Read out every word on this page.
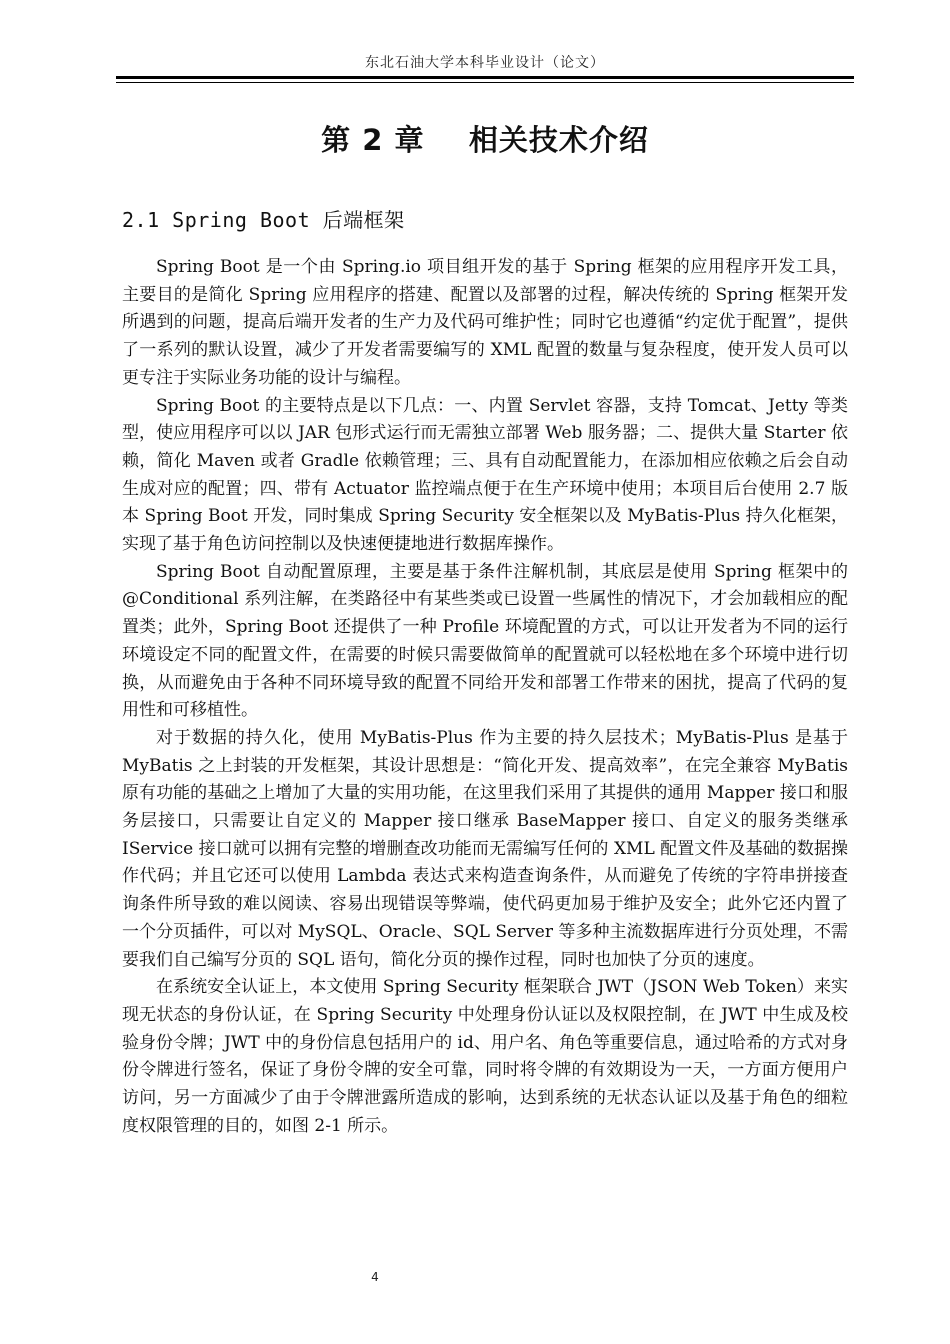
东北石油大学本科毕业设计（论文）
第 2 章    相关技术介绍
2.1 Spring Boot 后端框架

Spring Boot 是一个由 Spring.io 项目组开发的基于 Spring 框架的应用程序开发工具，主要目的是简化 Spring 应用程序的搭建、配置以及部署的过程，解决传统的 Spring 框架开发所遇到的问题，提高后端开发者的生产力及代码可维护性；同时它也遵循“约定优于配置”，提供了一系列的默认设置，减少了开发者需要编写的 XML 配置的数量与复杂程度，使开发人员可以更专注于实际业务功能的设计与编程。

Spring Boot 的主要特点是以下几点：一、内置 Servlet 容器，支持 Tomcat、Jetty 等类型，使应用程序可以以 JAR 包形式运行而无需独立部署 Web 服务器；二、提供大量 Starter 依赖，简化 Maven 或者 Gradle 依赖管理；三、具有自动配置能力，在添加相应依赖之后会自动生成对应的配置；四、带有 Actuator 监控端点便于在生产环境中使用；本项目后台使用 2.7 版本 Spring Boot 开发，同时集成 Spring Security 安全框架以及 MyBatis-Plus 持久化框架，实现了基于角色访问控制以及快速便捷地进行数据库操作。

Spring Boot 自动配置原理，主要是基于条件注解机制，其底层是使用 Spring 框架中的@Conditional 系列注解，在类路径中有某些类或已设置一些属性的情况下，才会加载相应的配置类；此外，Spring Boot 还提供了一种 Profile 环境配置的方式，可以让开发者为不同的运行环境设定不同的配置文件，在需要的时候只需要做简单的配置就可以轻松地在多个环境中进行切换，从而避免由于各种不同环境导致的配置不同给开发和部署工作带来的困扰，提高了代码的复用性和可移植性。

对于数据的持久化，使用 MyBatis-Plus 作为主要的持久层技术；MyBatis-Plus 是基于 MyBatis 之上封装的开发框架，其设计思想是：“简化开发、提高效率”，在完全兼容 MyBatis 原有功能的基础之上增加了大量的实用功能，在这里我们采用了其提供的通用 Mapper 接口和服务层接口，只需要让自定义的 Mapper 接口继承 BaseMapper 接口、自定义的服务类继承 IService 接口就可以拥有完整的增删查改功能而无需编写任何的 XML 配置文件及基础的数据操作代码；并且它还可以使用 Lambda 表达式来构造查询条件，从而避免了传统的字符串拼接查询条件所导致的难以阅读、容易出现错误等弊端，使代码更加易于维护及安全；此外它还内置了一个分页插件，可以对 MySQL、Oracle、SQL Server 等多种主流数据库进行分页处理，不需要我们自己编写分页的 SQL 语句，简化分页的操作过程，同时也加快了分页的速度。

在系统安全认证上，本文使用 Spring Security 框架联合 JWT（JSON Web Token）来实现无状态的身份认证，在 Spring Security 中处理身份认证以及权限控制，在 JWT 中生成及校验身份令牌；JWT 中的身份信息包括用户的 id、用户名、角色等重要信息，通过哈希的方式对身份令牌进行签名，保证了身份令牌的安全可靠，同时将令牌的有效期设为一天，一方面方便用户访问，另一方面减少了由于令牌泄露所造成的影响，达到系统的无状态认证以及基于角色的细粒度权限管理的目的，如图 2-1 所示。

4
